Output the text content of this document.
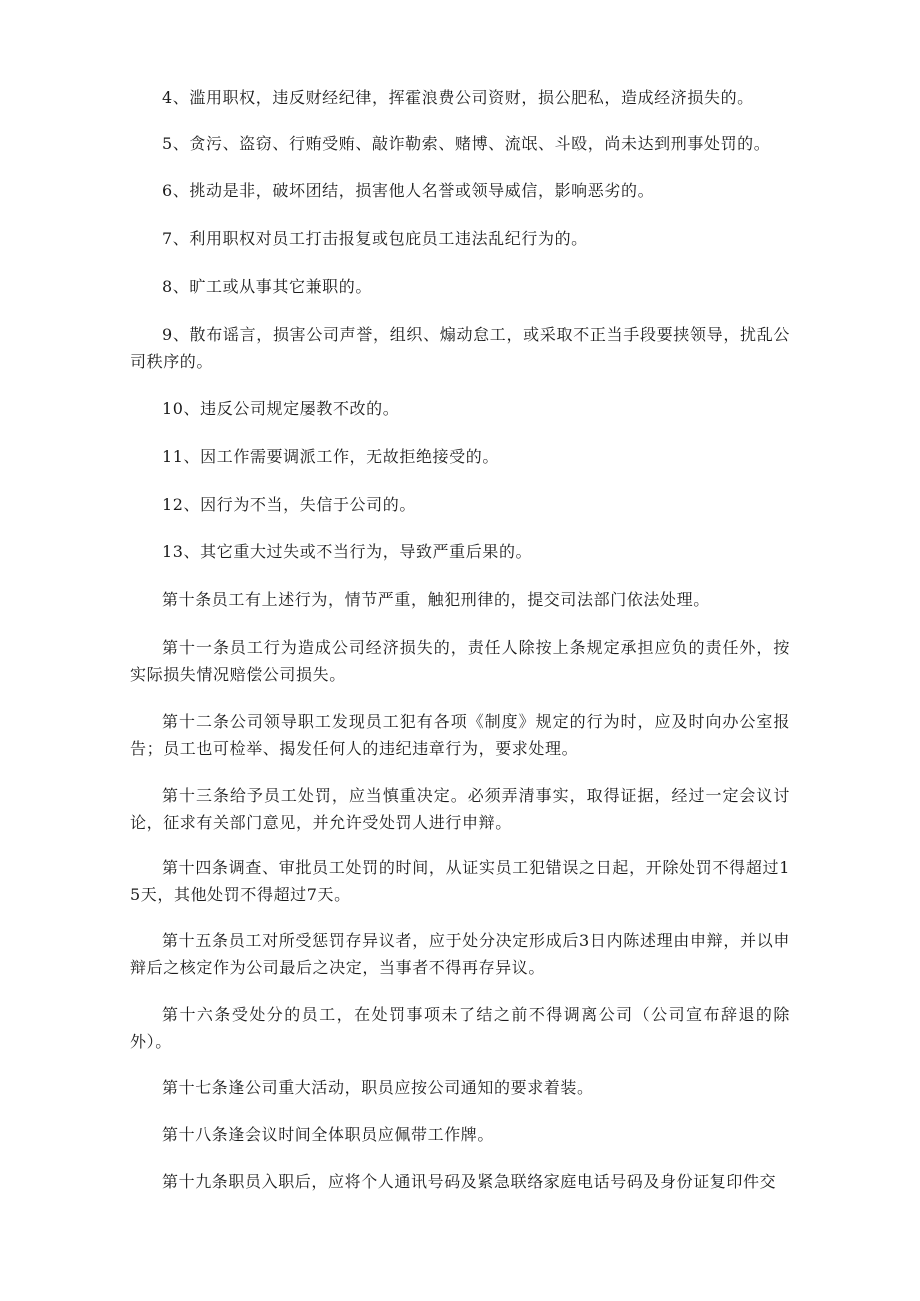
4、滥用职权，违反财经纪律，挥霍浪费公司资财，损公肥私，造成经济损失的。

5、贪污、盗窃、行贿受贿、敲诈勒索、赌博、流氓、斗殴，尚未达到刑事处罚的。

6、挑动是非，破坏团结，损害他人名誉或领导威信，影响恶劣的。

7、利用职权对员工打击报复或包庇员工违法乱纪行为的。

8、旷工或从事其它兼职的。

9、散布谣言，损害公司声誉，组织、煽动怠工，或采取不正当手段要挟领导，扰乱公司秩序的。

10、违反公司规定屡教不改的。

11、因工作需要调派工作，无故拒绝接受的。

12、因行为不当，失信于公司的。

13、其它重大过失或不当行为，导致严重后果的。

第十条员工有上述行为，情节严重，触犯刑律的，提交司法部门依法处理。

第十一条员工行为造成公司经济损失的，责任人除按上条规定承担应负的责任外，按实际损失情况赔偿公司损失。

第十二条公司领导职工发现员工犯有各项《制度》规定的行为时，应及时向办公室报告；员工也可检举、揭发任何人的违纪违章行为，要求处理。

第十三条给予员工处罚，应当慎重决定。必须弄清事实，取得证据，经过一定会议讨论，征求有关部门意见，并允许受处罚人进行申辩。

第十四条调查、审批员工处罚的时间，从证实员工犯错误之日起，开除处罚不得超过15天，其他处罚不得超过7天。

第十五条员工对所受惩罚存异议者，应于处分决定形成后3日内陈述理由申辩，并以申辩后之核定作为公司最后之决定，当事者不得再存异议。

第十六条受处分的员工，在处罚事项未了结之前不得调离公司（公司宣布辞退的除外）。

第十七条逢公司重大活动，职员应按公司通知的要求着装。

第十八条逢会议时间全体职员应佩带工作牌。

第十九条职员入职后，应将个人通讯号码及紧急联络家庭电话号码及身份证复印件交
